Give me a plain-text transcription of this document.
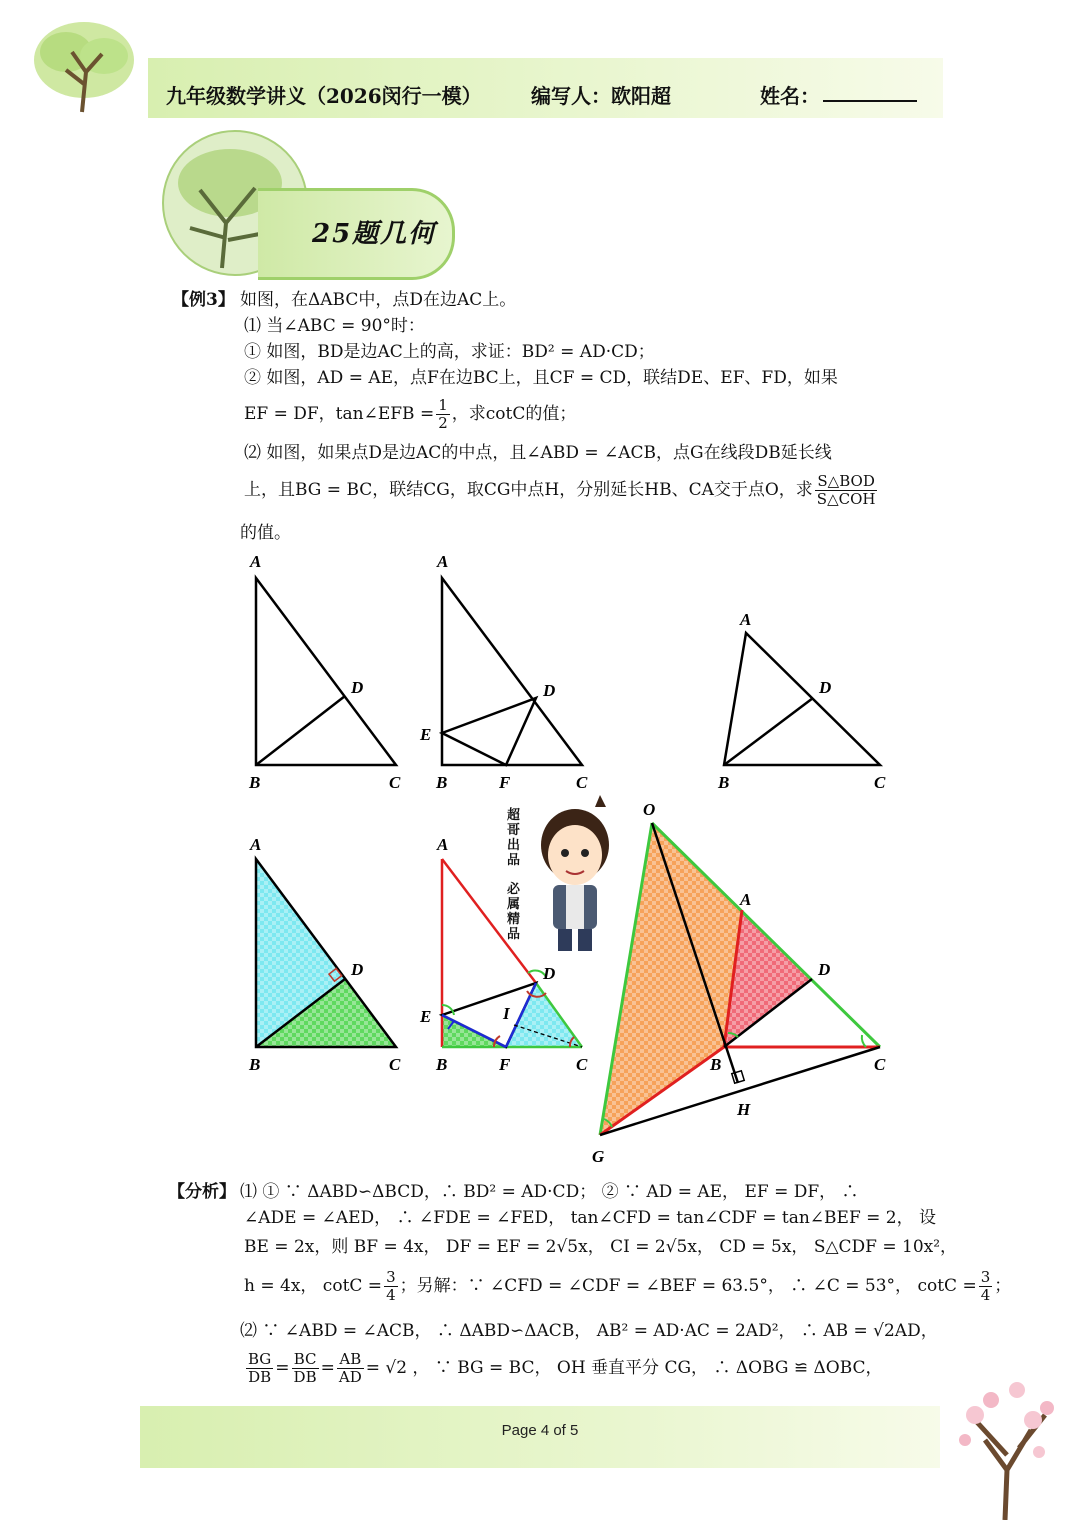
九年级数学讲义（2026闵行一模） 编写人：欧阳超	姓名：
25题几何
【例3】 如图，在ΔABC中，点D在边AC上。
⑴ 当∠ABC = 90°时：
① 如图，BD是边AC上的高，求证：BD² = AD·CD；
② 如图，AD = AE，点F在边BC上，且CF = CD，联结DE、EF、FD，如果
EF = DF，tan∠EFB = $\frac{1}{2}$ ，求cotC的值；
⑵ 如图，如果点D是边AC的中点，且∠ABD = ∠ACB，点G在线段DB延长线
上，且BG = BC，联结CG，取CG中点H，分别延长HB、CA交于点O，求 $\frac{\text{S△BOD}}{\text{S△COH}}$
的值。
A
D
B	C
A
D
E
B	F	C
A
D
B	C
A
D
B	C
A
D
E	I
B	F	C
O
A
D
B	C
H
G
超哥出品
必属精品
【分析】 ⑴ ① ∵ ΔABD∽ΔBCD，∴ BD² = AD·CD； ② ∵ AD = AE， EF = DF， ∴
∠ADE = ∠AED， ∴ ∠FDE = ∠FED， tan∠CFD = tan∠CDF = tan∠BEF = 2， 设
BE = 2x，则 BF = 4x， DF = EF = 2√5x， CI = 2√5x， CD = 5x， S△CDF = 10x²，
h = 4x， $\cot C = \frac{3}{4}$ ；另解：∵ ∠CFD = ∠CDF = ∠BEF = 63.5°， ∴ ∠C = 53°， $\cot C = \frac{3}{4}$ ；
⑵ ∵ ∠ABD = ∠ACB， ∴ ΔABD∽ΔACB， AB² = AD·AC = 2AD²， ∴ AB = √2AD，
$\frac{BG}{DB} = \frac{BC}{DB} = \frac{AB}{AD} = √2$ ， ∵ BG = BC， OH 垂直平分 CG， ∴ ΔOBG ≌ ΔOBC，
Page 4 of 5
